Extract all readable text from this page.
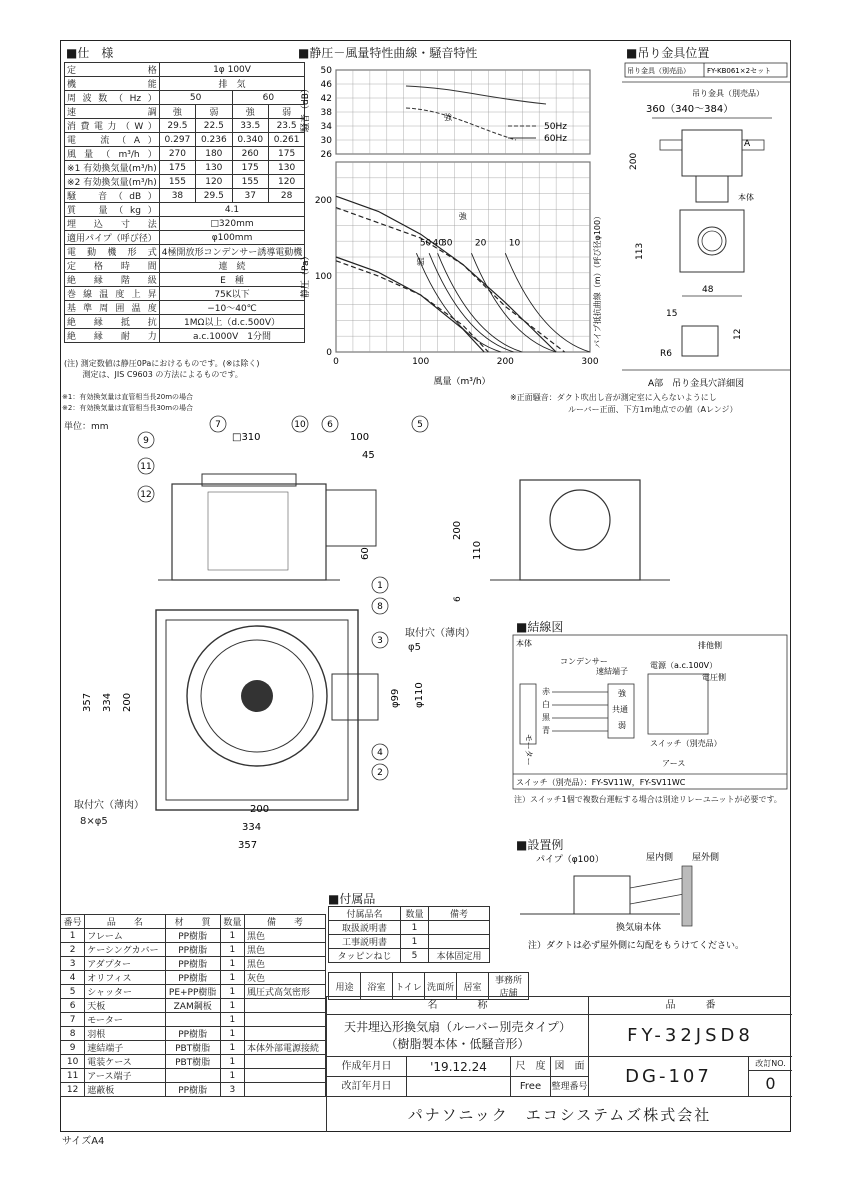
■仕　様
定　　格	1φ 100V			
機　　能	排　気			
周波数（Hz）	50		60	
速　　調	強	弱	強	弱
消費電力（W）	29.5	22.5	33.5	23.5
電　流（A）	0.297	0.236	0.340	0.261
風量（m³/h）	270	180	260	175
※1 有効換気量(m³/h)	175	130	175	130
※2 有効換気量(m³/h)	155	120	155	120
騒　音（dB）	38	29.5	37	28
質　量（kg）	4.1			
埋　込　寸　法	□320mm			
適用パイプ（呼び径）	φ100mm			
電　動　機　形　式	4極開放形コンデンサー誘導電動機			
定　格　時　間	連　続			
絶　縁　階　級	E　種			
巻線温度上昇	75K以下			
基準周囲温度	−10〜40℃			
絶　縁　抵　抗	1MΩ以上（d.c.500V）			
絶　縁　耐　力	a.c.1000V　1分間			
(注) 測定数値は静圧0Paにおけるものです。(※は除く)
　　 測定は、JIS C9603 の方法によるものです。
※1：有効換気量は直管相当長20mの場合
※2：有効換気量は直管相当長30mの場合
単位：mm
■静圧－風量特性曲線・騒音特性
50
46
42
38
34
30
26
騒音（dB）	強
50Hz
60Hz
200
100
0
0	100	200	300
静圧（Pa）	パイプ抵抗曲線（m）（呼び径φ100）
風量（m³/h）
50 40
30 20 10
強
弱
※正面騒音：ダクト吹出し音が測定室に入らないようにし
ルーバー正面、下方1m地点での値（Aレンジ）
■吊り金具位置
吊り金具（別売品） FY-KB061×2セット
吊り金具（別売品）
360（340〜384）
200
A
本体
113
48
15
12
R6
A部　吊り金具穴詳細図
1
2
3
4
5
6
7
8
9
10
11
12
□310	100
45
60
357 334 200	φ99 φ110
200
334
357
200
110
6
取付穴（薄肉）
φ5
取付穴（薄肉）
8×φ5
■結線図
本体
コンデンサー
速結端子
電源（a.c.100V）
排他側
電圧側
モーター
赤
白
黒
青
強
共通
弱
スイッチ（別売品）
アース
スイッチ（別売品）：FY-SV11W，FY-SV11WC
注）スイッチ1個で複数台運転する場合は別途リレーユニットが必要です。
■設置例
パイプ（φ100）	屋内側 屋外側
換気扇本体
注）ダクトは必ず屋外側に勾配をもうけてください。
■付属品
付属品名	数量	備考
取扱説明書	1	
工事説明書	1	
タッピンねじ	5	本体固定用
用途	浴室	トイレ	洗面所	居室	事務所店舗
番号	品　　名	材　　質	数量	備　　考
1	フレーム	PP樹脂	1	黒色
2	ケーシングカバー	PP樹脂	1	黒色
3	アダプター	PP樹脂	1	黒色
4	オリフィス	PP樹脂	1	灰色
5	シャッター	PE+PP樹脂	1	風圧式高気密形
6	天板	ZAM鋼板	1	
7	モーター		1	
8	羽根	PP樹脂	1	
9	速結端子	PBT樹脂	1	本体外部電源接続
10	電装ケース	PBT樹脂	1	
11	アース端子		1	
12	遮蔽板	PP樹脂	3	
名　　　　称	品　　　番
天井埋込形換気扇（ルーバー別売タイプ）
（樹脂製本体・低騒音形）	FY-32JSD8
作成年月日	'19.12.24	尺　度 図　面
改訂年月日	Free	整理番号	DG-107
改訂NO.
0
パナソニック　エコシステムズ株式会社
サイズA4
